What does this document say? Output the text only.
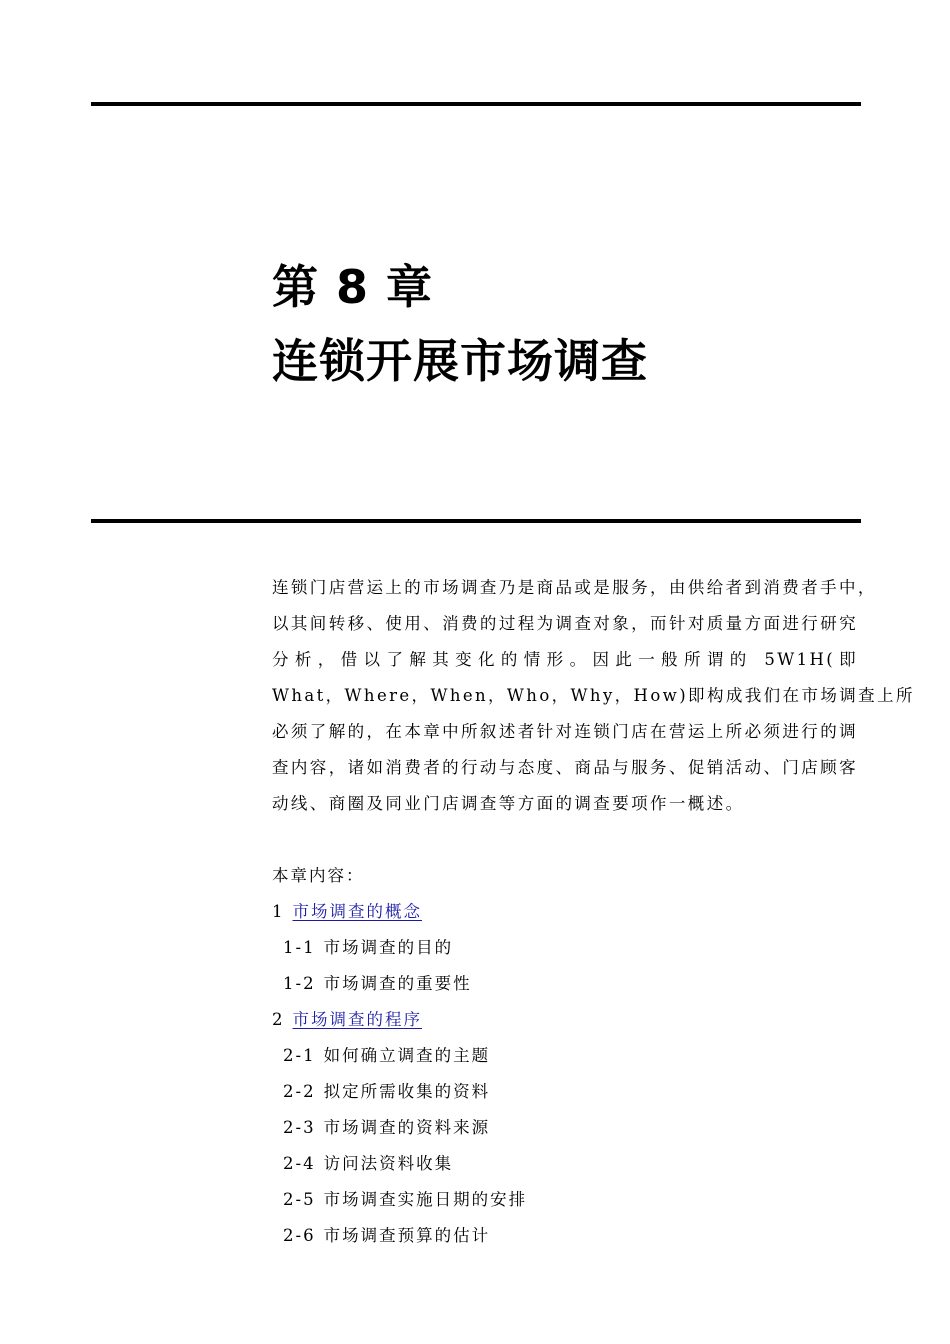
第 8 章
连锁开展市场调查
连锁门店营运上的市场调查乃是商品或是服务，由供给者到消费者手中，
以其间转移、使用、消费的过程为调查对象，而针对质量方面进行研究
分析，借以了解其变化的情形。因此一般所谓的 5W1H(即
What，Where，When，Who，Why，How)即构成我们在市场调查上所
必须了解的，在本章中所叙述者针对连锁门店在营运上所必须进行的调
查内容，诸如消费者的行动与态度、商品与服务、促销活动、门店顾客
动线、商圈及同业门店调查等方面的调查要项作一概述。
本章内容：
1 市场调查的概念
1-1 市场调查的目的
1-2 市场调查的重要性
2 市场调查的程序
2-1 如何确立调查的主题
2-2 拟定所需收集的资料
2-3 市场调查的资料来源
2-4 访问法资料收集
2-5 市场调查实施日期的安排
2-6 市场调查预算的估计
